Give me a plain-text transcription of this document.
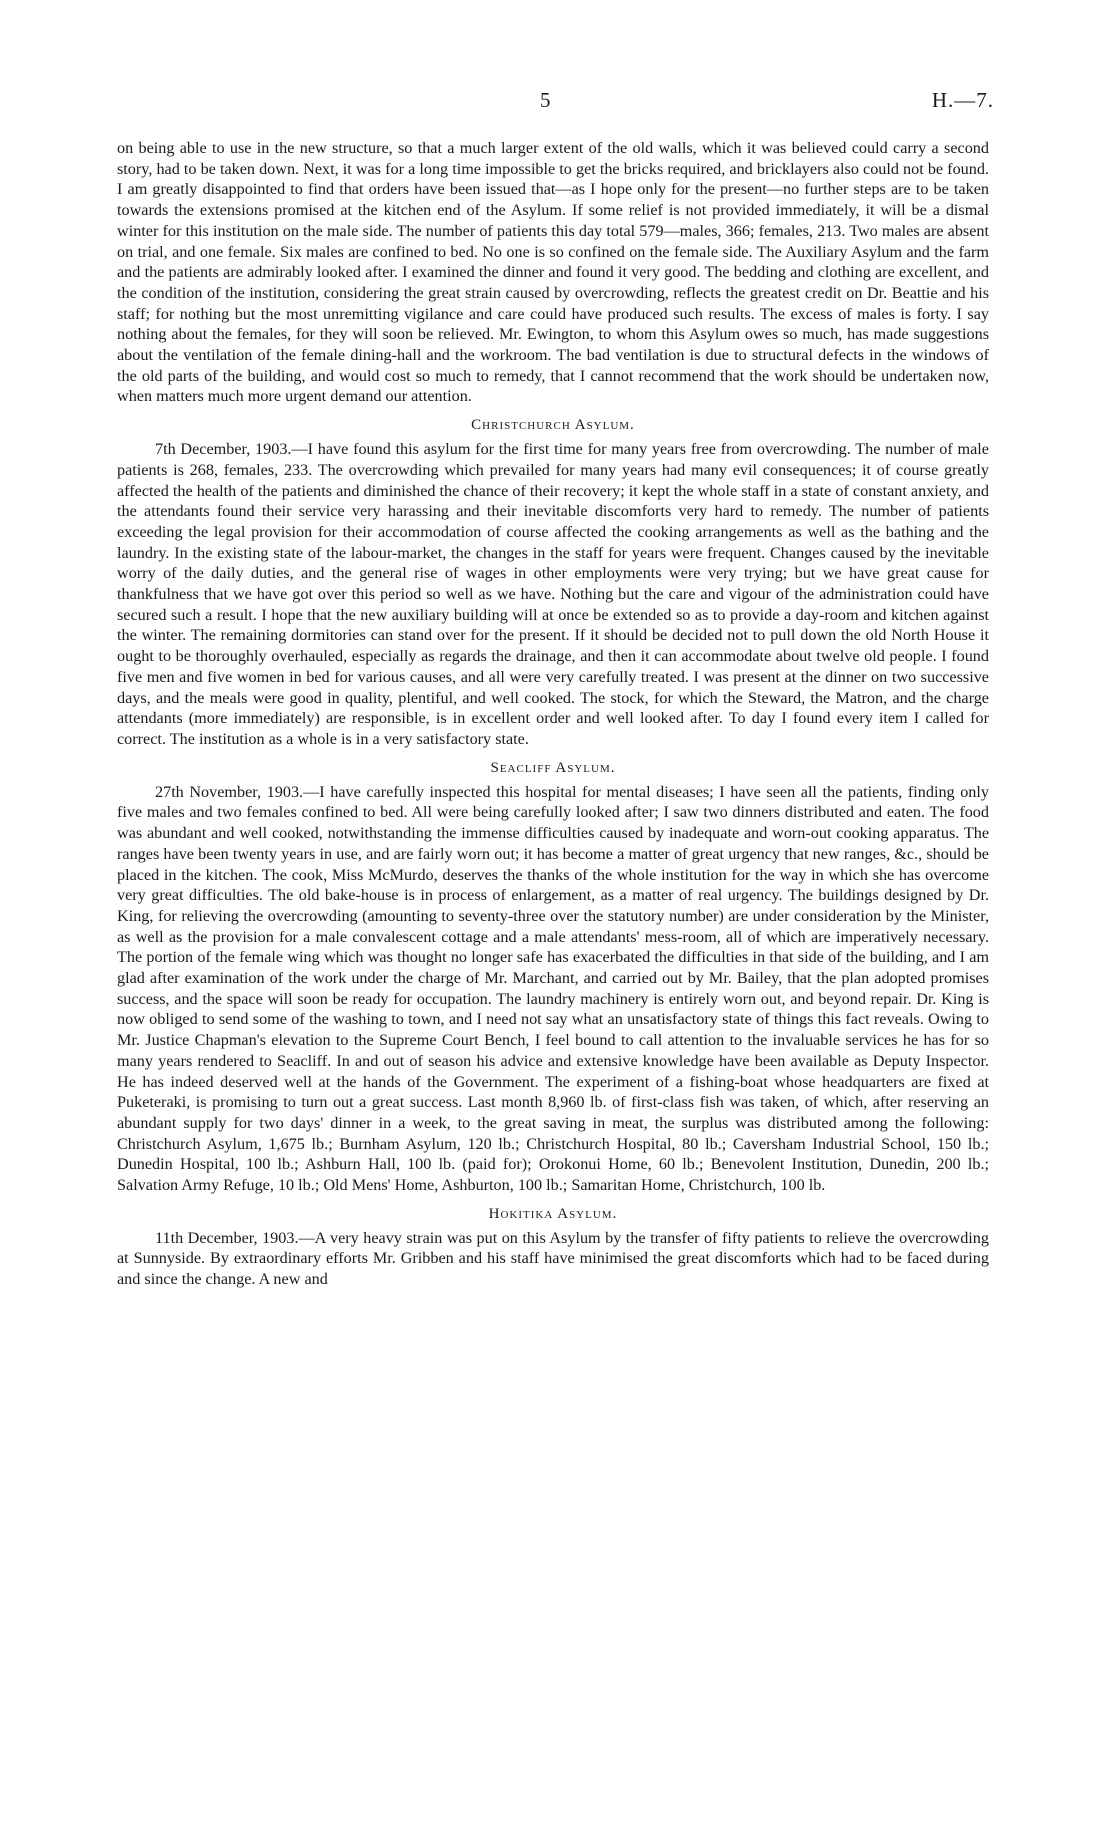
5	H.—7.

on being able to use in the new structure, so that a much larger extent of the old walls, which it was believed could carry a second story, had to be taken down. Next, it was for a long time impossible to get the bricks required, and bricklayers also could not be found. I am greatly disappointed to find that orders have been issued that—as I hope only for the present—no further steps are to be taken towards the extensions promised at the kitchen end of the Asylum. If some relief is not provided immediately, it will be a dismal winter for this institution on the male side. The number of patients this day total 579—males, 366; females, 213. Two males are absent on trial, and one female. Six males are confined to bed. No one is so confined on the female side. The Auxiliary Asylum and the farm and the patients are admirably looked after. I examined the dinner and found it very good. The bedding and clothing are excellent, and the condition of the institution, considering the great strain caused by overcrowding, reflects the greatest credit on Dr. Beattie and his staff; for nothing but the most unremitting vigilance and care could have produced such results. The excess of males is forty. I say nothing about the females, for they will soon be relieved. Mr. Ewington, to whom this Asylum owes so much, has made suggestions about the ventilation of the female dining-hall and the workroom. The bad ventilation is due to structural defects in the windows of the old parts of the building, and would cost so much to remedy, that I cannot recommend that the work should be undertaken now, when matters much more urgent demand our attention.

Christchurch Asylum.

7th December, 1903.—I have found this asylum for the first time for many years free from overcrowding. The number of male patients is 268, females, 233. The overcrowding which prevailed for many years had many evil consequences; it of course greatly affected the health of the patients and diminished the chance of their recovery; it kept the whole staff in a state of constant anxiety, and the attendants found their service very harassing and their inevitable discomforts very hard to remedy. The number of patients exceeding the legal provision for their accommodation of course affected the cooking arrangements as well as the bathing and the laundry. In the existing state of the labour-market, the changes in the staff for years were frequent. Changes caused by the inevitable worry of the daily duties, and the general rise of wages in other employments were very trying; but we have great cause for thankfulness that we have got over this period so well as we have. Nothing but the care and vigour of the administration could have secured such a result. I hope that the new auxiliary building will at once be extended so as to provide a day-room and kitchen against the winter. The remaining dormitories can stand over for the present. If it should be decided not to pull down the old North House it ought to be thoroughly overhauled, especially as regards the drainage, and then it can accommodate about twelve old people. I found five men and five women in bed for various causes, and all were very carefully treated. I was present at the dinner on two successive days, and the meals were good in quality, plentiful, and well cooked. The stock, for which the Steward, the Matron, and the charge attendants (more immediately) are responsible, is in excellent order and well looked after. To day I found every item I called for correct. The institution as a whole is in a very satisfactory state.

Seacliff Asylum.

27th November, 1903.—I have carefully inspected this hospital for mental diseases; I have seen all the patients, finding only five males and two females confined to bed. All were being carefully looked after; I saw two dinners distributed and eaten. The food was abundant and well cooked, notwithstanding the immense difficulties caused by inadequate and worn-out cooking apparatus. The ranges have been twenty years in use, and are fairly worn out; it has become a matter of great urgency that new ranges, &c., should be placed in the kitchen. The cook, Miss McMurdo, deserves the thanks of the whole institution for the way in which she has overcome very great difficulties. The old bake-house is in process of enlargement, as a matter of real urgency. The buildings designed by Dr. King, for relieving the overcrowding (amounting to seventy-three over the statutory number) are under consideration by the Minister, as well as the provision for a male convalescent cottage and a male attendants' mess-room, all of which are imperatively necessary. The portion of the female wing which was thought no longer safe has exacerbated the difficulties in that side of the building, and I am glad after examination of the work under the charge of Mr. Marchant, and carried out by Mr. Bailey, that the plan adopted promises success, and the space will soon be ready for occupation. The laundry machinery is entirely worn out, and beyond repair. Dr. King is now obliged to send some of the washing to town, and I need not say what an unsatisfactory state of things this fact reveals. Owing to Mr. Justice Chapman's elevation to the Supreme Court Bench, I feel bound to call attention to the invaluable services he has for so many years rendered to Seacliff. In and out of season his advice and extensive knowledge have been available as Deputy Inspector. He has indeed deserved well at the hands of the Government. The experiment of a fishing-boat whose headquarters are fixed at Puketeraki, is promising to turn out a great success. Last month 8,960 lb. of first-class fish was taken, of which, after reserving an abundant supply for two days' dinner in a week, to the great saving in meat, the surplus was distributed among the following: Christchurch Asylum, 1,675 lb.; Burnham Asylum, 120 lb.; Christchurch Hospital, 80 lb.; Caversham Industrial School, 150 lb.; Dunedin Hospital, 100 lb.; Ashburn Hall, 100 lb. (paid for); Orokonui Home, 60 lb.; Benevolent Institution, Dunedin, 200 lb.; Salvation Army Refuge, 10 lb.; Old Mens' Home, Ashburton, 100 lb.; Samaritan Home, Christchurch, 100 lb.

Hokitika Asylum.

11th December, 1903.—A very heavy strain was put on this Asylum by the transfer of fifty patients to relieve the overcrowding at Sunnyside. By extraordinary efforts Mr. Gribben and his staff have minimised the great discomforts which had to be faced during and since the change. A new and
